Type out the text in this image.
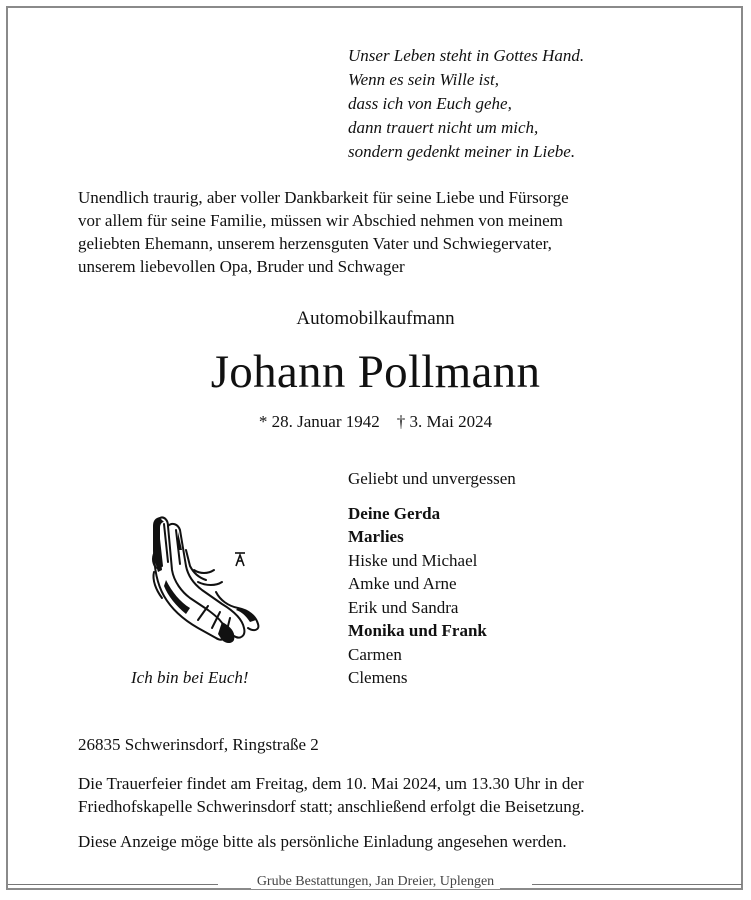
Unser Leben steht in Gottes Hand.
Wenn es sein Wille ist,
dass ich von Euch gehe,
dann trauert nicht um mich,
sondern gedenkt meiner in Liebe.
Unendlich traurig, aber voller Dankbarkeit für seine Liebe und Fürsorge
vor allem für seine Familie, müssen wir Abschied nehmen von meinem
geliebten Ehemann, unserem herzensguten Vater und Schwiegervater,
unserem liebevollen Opa, Bruder und Schwager
Automobilkaufmann
Johann Pollmann
* 28. Januar 1942 † 3. Mai 2024
Geliebt und unvergessen
Deine Gerda
Marlies
Hiske und Michael
Amke und Arne
Erik und Sandra
Monika und Frank
Carmen
Clemens
Ich bin bei Euch!
26835 Schwerinsdorf, Ringstraße 2
Die Trauerfeier findet am Freitag, dem 10. Mai 2024, um 13.30 Uhr in der
Friedhofskapelle Schwerinsdorf statt; anschließend erfolgt die Beisetzung.
Diese Anzeige möge bitte als persönliche Einladung angesehen werden.
Grube Bestattungen, Jan Dreier, Uplengen
